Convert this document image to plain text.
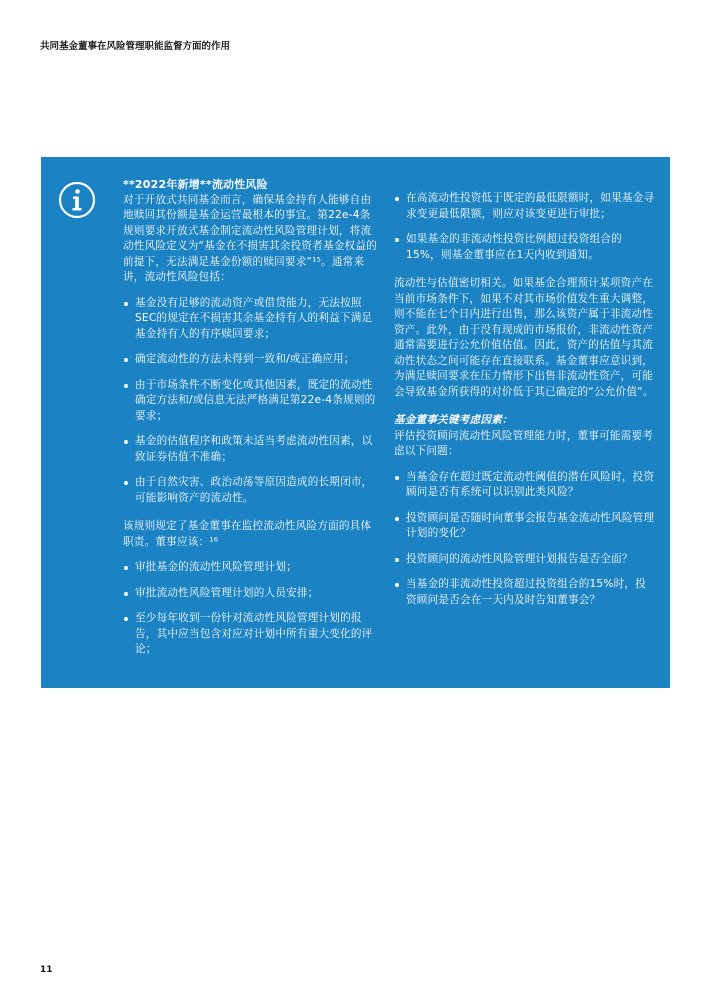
共同基金董事在风险管理职能监督方面的作用
**2022年新增**流动性风险

对于开放式共同基金而言，确保基金持有人能够自由地赎回其份额是基金运营最根本的事宜。第22e-4条规则要求开放式基金制定流动性风险管理计划，将流动性风险定义为“基金在不损害其余投资者基金权益的前提下，无法满足基金份额的赎回要求”¹⁵。通常来讲，流动性风险包括：

基金没有足够的流动资产或借贷能力，无法按照SEC的规定在不损害其余基金持有人的利益下满足基金持有人的有序赎回要求；
确定流动性的方法未得到一致和/或正确应用；
由于市场条件不断变化或其他因素，既定的流动性确定方法和/或信息无法严格满足第22e-4条规则的要求；
基金的估值程序和政策未适当考虑流动性因素，以致证券估值不准确；
由于自然灾害、政治动荡等原因造成的长期闭市，可能影响资产的流动性。

该规则规定了基金董事在监控流动性风险方面的具体职责。董事应该：¹⁶

审批基金的流动性风险管理计划；
审批流动性风险管理计划的人员安排；
至少每年收到一份针对流动性风险管理计划的报告，其中应当包含对应对计划中所有重大变化的评论；
在高流动性投资低于既定的最低限额时，如果基金寻求变更最低限额，则应对该变更进行审批；
如果基金的非流动性投资比例超过投资组合的15%，则基金董事应在1天内收到通知。

流动性与估值密切相关。如果基金合理预计某项资产在当前市场条件下，如果不对其市场价值发生重大调整，则不能在七个日内进行出售，那么该资产属于非流动性资产。此外，由于没有现成的市场报价，非流动性资产通常需要进行公允价值估值。因此，资产的估值与其流动性状态之间可能存在直接联系。基金董事应意识到，为满足赎回要求在压力情形下出售非流动性资产，可能会导致基金所获得的对价低于其已确定的“公允价值”。

基金董事关键考虑因素：

评估投资顾问流动性风险管理能力时，董事可能需要考虑以下问题：

当基金存在超过既定流动性阈值的潜在风险时，投资顾问是否有系统可以识别此类风险？
投资顾问是否随时向董事会报告基金流动性风险管理计划的变化？
投资顾问的流动性风险管理计划报告是否全面？
当基金的非流动性投资超过投资组合的15%时，投资顾问是否会在一天内及时告知董事会？
11
